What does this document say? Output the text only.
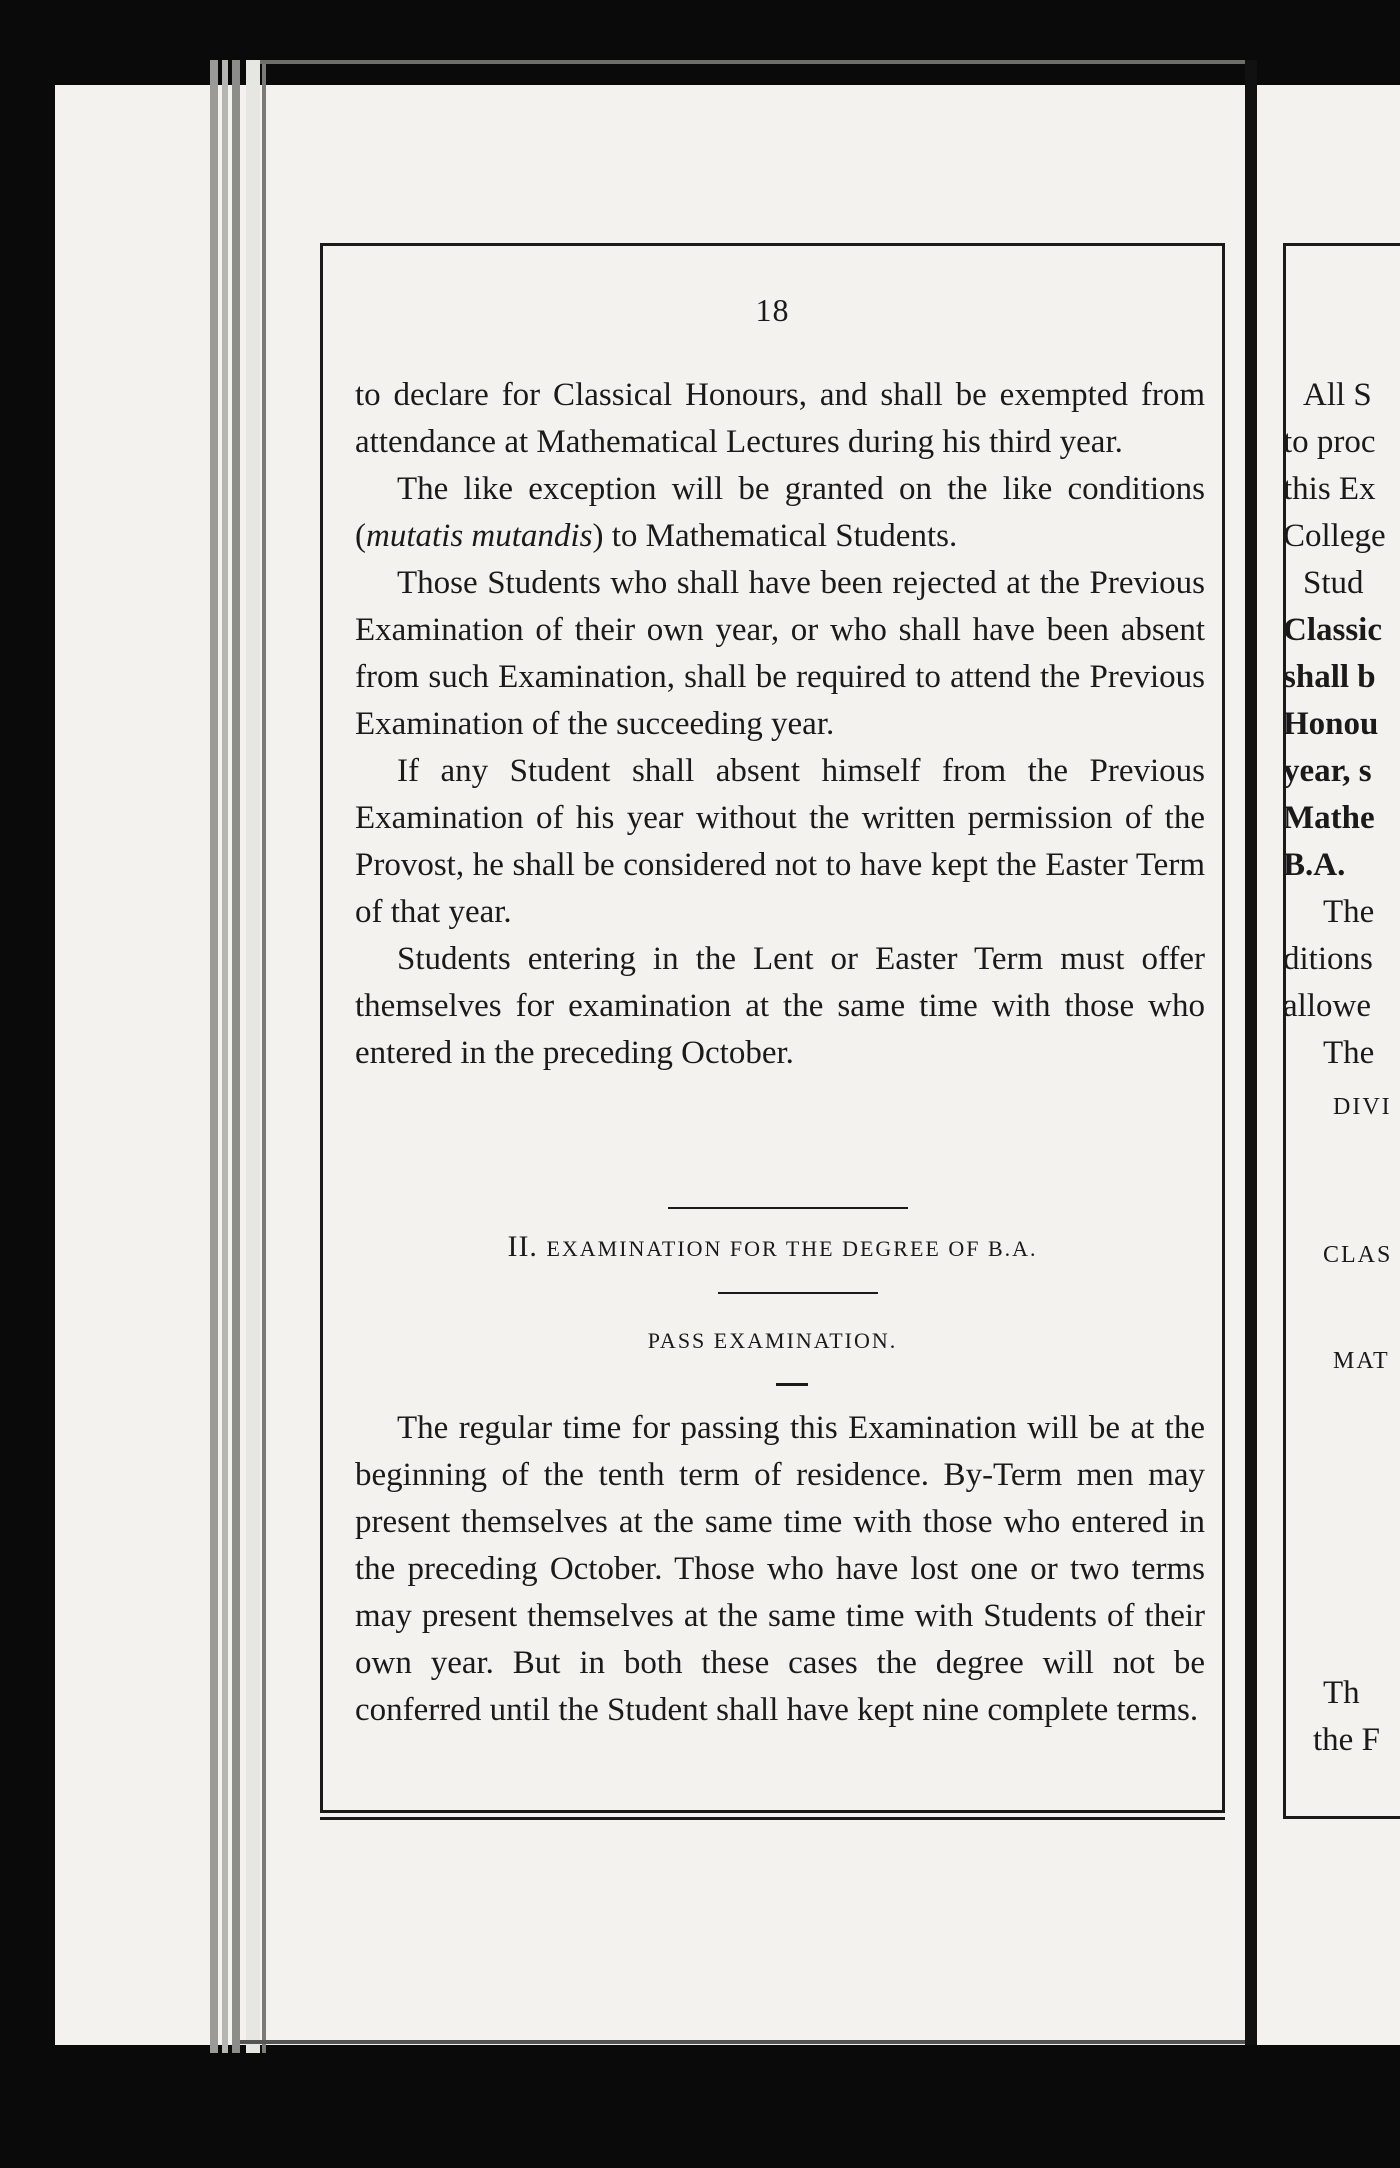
18

to declare for Classical Honours, and shall be exempted from attendance at Mathematical Lectures during his third year.

The like exception will be granted on the like conditions (mutatis mutandis) to Mathematical Students.

Those Students who shall have been rejected at the Previous Examination of their own year, or who shall have been absent from such Examination, shall be required to attend the Previous Examination of the succeeding year.

If any Student shall absent himself from the Previous Examination of his year without the written permission of the Provost, he shall be considered not to have kept the Easter Term of that year.

Students entering in the Lent or Easter Term must offer themselves for examination at the same time with those who entered in the preceding October.

II. EXAMINATION FOR THE DEGREE OF B.A.
PASS EXAMINATION.

The regular time for passing this Examination will be at the beginning of the tenth term of residence. By-Term men may present themselves at the same time with those who entered in the preceding October. Those who have lost one or two terms may present themselves at the same time with Students of their own year. But in both these cases the degree will not be conferred until the Student shall have kept nine complete terms.

All S
to proc
this Ex
College
Stud
Classic
shall b
Honou
year, s
Mathe
B.A.
The
ditions
allowe
The
DIVI
CLAS
MAT
Th
the F
